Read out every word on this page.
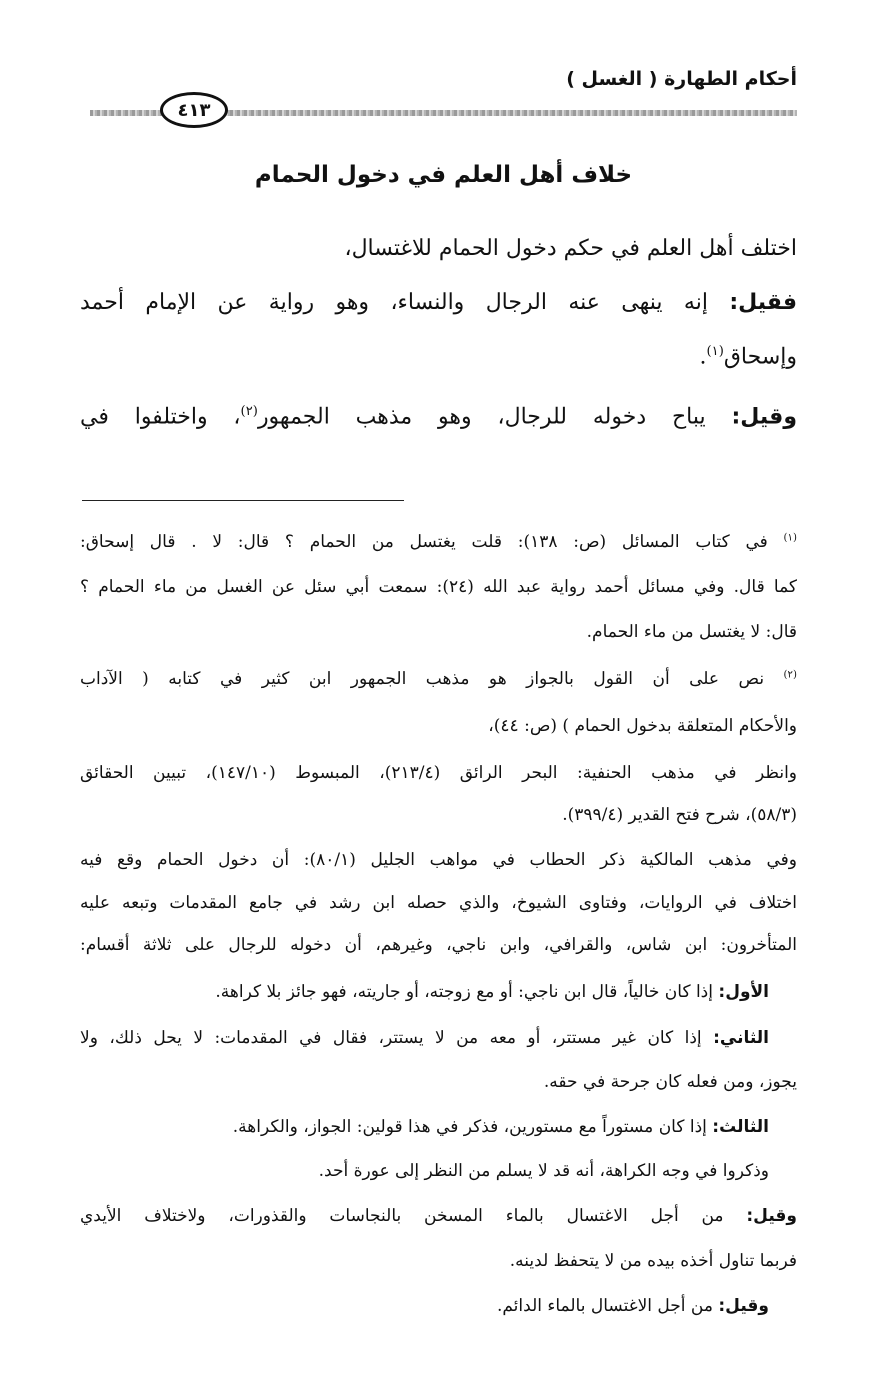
أحكام الطهارة ( الغسل )
٤١٣
خلاف أهل العلم في دخول الحمام
اختلف أهل العلم في حكم دخول الحمام للاغتسال،
فقيل: إنه ينهى عنه الرجال والنساء، وهو رواية عن الإمام أحمد
وإسحاق$^{(١)}$.
وقيل: يباح دخوله للرجال، وهو مذهب الجمهور$^{(٢)}$، واختلفوا في
$^{(١)}$ في كتاب المسائل (ص: ١٣٨): قلت يغتسل من الحمام ؟ قال: لا . قال إسحاق:
كما قال. وفي مسائل أحمد رواية عبد الله (٢٤): سمعت أبي سئل عن الغسل من ماء الحمام ؟
قال: لا يغتسل من ماء الحمام.
$^{(٢)}$ نص على أن القول بالجواز هو مذهب الجمهور ابن كثير في كتابه ( الآداب
والأحكام المتعلقة بدخول الحمام ) (ص: ٤٤)،
وانظر في مذهب الحنفية: البحر الرائق (٢١٣/٤)، المبسوط (١٤٧/١٠)، تبيين الحقائق
(٥٨/٣)، شرح فتح القدير (٣٩٩/٤).
وفي مذهب المالكية ذكر الحطاب في مواهب الجليل (٨٠/١): أن دخول الحمام وقع فيه
اختلاف في الروايات، وفتاوى الشيوخ، والذي حصله ابن رشد في جامع المقدمات وتبعه عليه
المتأخرون: ابن شاس، والقرافي، وابن ناجي، وغيرهم، أن دخوله للرجال على ثلاثة أقسام:
الأول: إذا كان خالياً، قال ابن ناجي: أو مع زوجته، أو جاريته، فهو جائز بلا كراهة.
الثاني: إذا كان غير مستتر، أو معه من لا يستتر، فقال في المقدمات: لا يحل ذلك، ولا
يجوز، ومن فعله كان جرحة في حقه.
الثالث: إذا كان مستوراً مع مستورين، فذكر في هذا قولين: الجواز، والكراهة.
وذكروا في وجه الكراهة، أنه قد لا يسلم من النظر إلى عورة أحد.
وقيل: من أجل الاغتسال بالماء المسخن بالنجاسات والقذورات، ولاختلاف الأيدي
فربما تناول أخذه بيده من لا يتحفظ لدينه.
وقيل: من أجل الاغتسال بالماء الدائم.
